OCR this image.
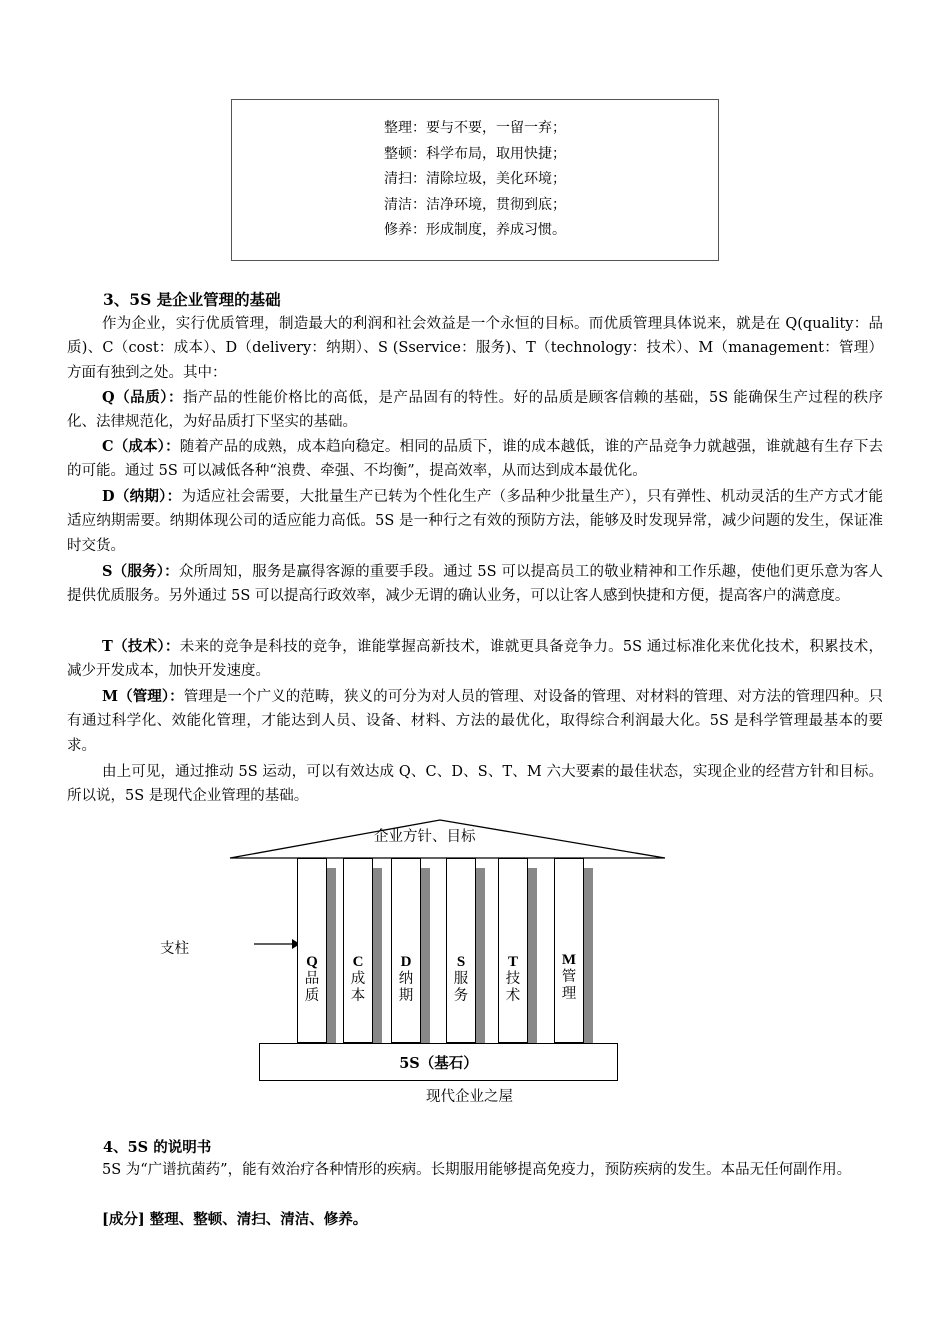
整理：要与不要，一留一弃；
整顿：科学布局，取用快捷；
清扫：清除垃圾，美化环境；
清洁：洁净环境，贯彻到底；
修养：形成制度，养成习惯。
3、5S 是企业管理的基础
作为企业，实行优质管理，制造最大的利润和社会效益是一个永恒的目标。而优质管理具体说来，就是在 Q(quality：品质)、C（cost：成本）、D（delivery：纳期）、S (Sservice：服务)、T（technology：技术）、M（management：管理）方面有独到之处。其中：
Q（品质）：指产品的性能价格比的高低，是产品固有的特性。好的品质是顾客信赖的基础，5S 能确保生产过程的秩序化、法律规范化，为好品质打下坚实的基础。
C（成本）：随着产品的成熟，成本趋向稳定。相同的品质下，谁的成本越低，谁的产品竞争力就越强，谁就越有生存下去的可能。通过 5S 可以减低各种“浪费、牵强、不均衡”，提高效率，从而达到成本最优化。
D（纳期）：为适应社会需要，大批量生产已转为个性化生产（多品种少批量生产），只有弹性、机动灵活的生产方式才能适应纳期需要。纳期体现公司的适应能力高低。5S 是一种行之有效的预防方法，能够及时发现异常，减少问题的发生，保证准时交货。
S（服务）：众所周知，服务是赢得客源的重要手段。通过 5S 可以提高员工的敬业精神和工作乐趣，使他们更乐意为客人提供优质服务。另外通过 5S 可以提高行政效率，减少无谓的确认业务，可以让客人感到快捷和方便，提高客户的满意度。
T（技术）：未来的竞争是科技的竞争，谁能掌握高新技术，谁就更具备竞争力。5S 通过标准化来优化技术，积累技术，减少开发成本，加快开发速度。
M（管理）：管理是一个广义的范畴，狭义的可分为对人员的管理、对设备的管理、对材料的管理、对方法的管理四种。只有通过科学化、效能化管理，才能达到人员、设备、材料、方法的最优化，取得综合利润最大化。5S 是科学管理最基本的要求。
由上可见，通过推动 5S 运动，可以有效达成 Q、C、D、S、T、M 六大要素的最佳状态，实现企业的经营方针和目标。所以说，5S 是现代企业管理的基础。
企业方针、目标
支柱
Q
品
质
C
成
本
D
纳
期
S
服
务
T
技
术
M
管
理
5S（基石）
现代企业之屋
4、5S 的说明书
5S 为“广谱抗菌药”，能有效治疗各种情形的疾病。长期服用能够提高免疫力，预防疾病的发生。本品无任何副作用。
[成分] 整理、整顿、清扫、清洁、修养。
